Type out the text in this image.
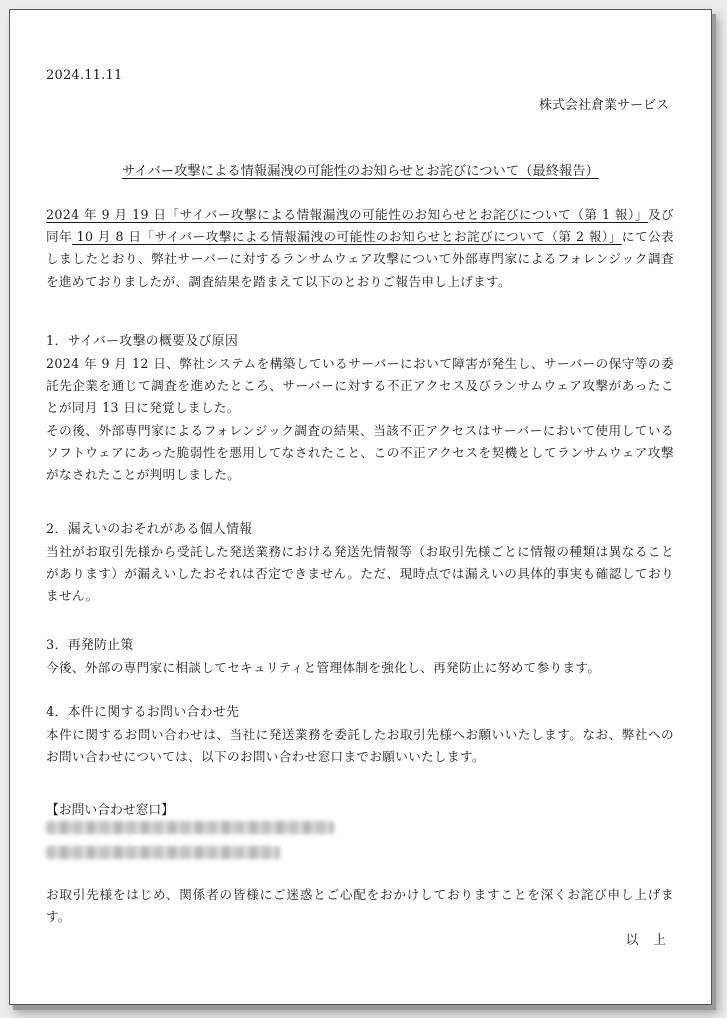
2024.11.11
株式会社倉業サービス
サイバー攻撃による情報漏洩の可能性のお知らせとお詫びについて（最終報告）

2024 年 9 月 19 日「サイバー攻撃による情報漏洩の可能性のお知らせとお詫びについて（第 1 報）」及び同年 10 月 8 日「サイバー攻撃による情報漏洩の可能性のお知らせとお詫びについて（第 2 報）」にて公表しましたとおり、弊社サーバーに対するランサムウェア攻撃について外部専門家によるフォレンジック調査を進めておりましたが、調査結果を踏まえて以下のとおりご報告申し上げます。

1．サイバー攻撃の概要及び原因

2024 年 9 月 12 日、弊社システムを構築しているサーバーにおいて障害が発生し、サーバーの保守等の委託先企業を通じて調査を進めたところ、サーバーに対する不正アクセス及びランサムウェア攻撃があったことが同月 13 日に発覚しました。
その後、外部専門家によるフォレンジック調査の結果、当該不正アクセスはサーバーにおいて使用しているソフトウェアにあった脆弱性を悪用してなされたこと、この不正アクセスを契機としてランサムウェア攻撃がなされたことが判明しました。

2．漏えいのおそれがある個人情報

当社がお取引先様から受託した発送業務における発送先情報等（お取引先様ごとに情報の種類は異なることがあります）が漏えいしたおそれは否定できません。ただ、現時点では漏えいの具体的事実も確認しておりません。

3．再発防止策

今後、外部の専門家に相談してセキュリティと管理体制を強化し、再発防止に努めて参ります。

4．本件に関するお問い合わせ先

本件に関するお問い合わせは、当社に発送業務を委託したお取引先様へお願いいたします。なお、弊社へのお問い合わせについては、以下のお問い合わせ窓口までお願いいたします。

【お問い合わせ窓口】

お取引先様をはじめ、関係者の皆様にご迷惑とご心配をおかけしておりますことを深くお詫び申し上げます。

以　上
